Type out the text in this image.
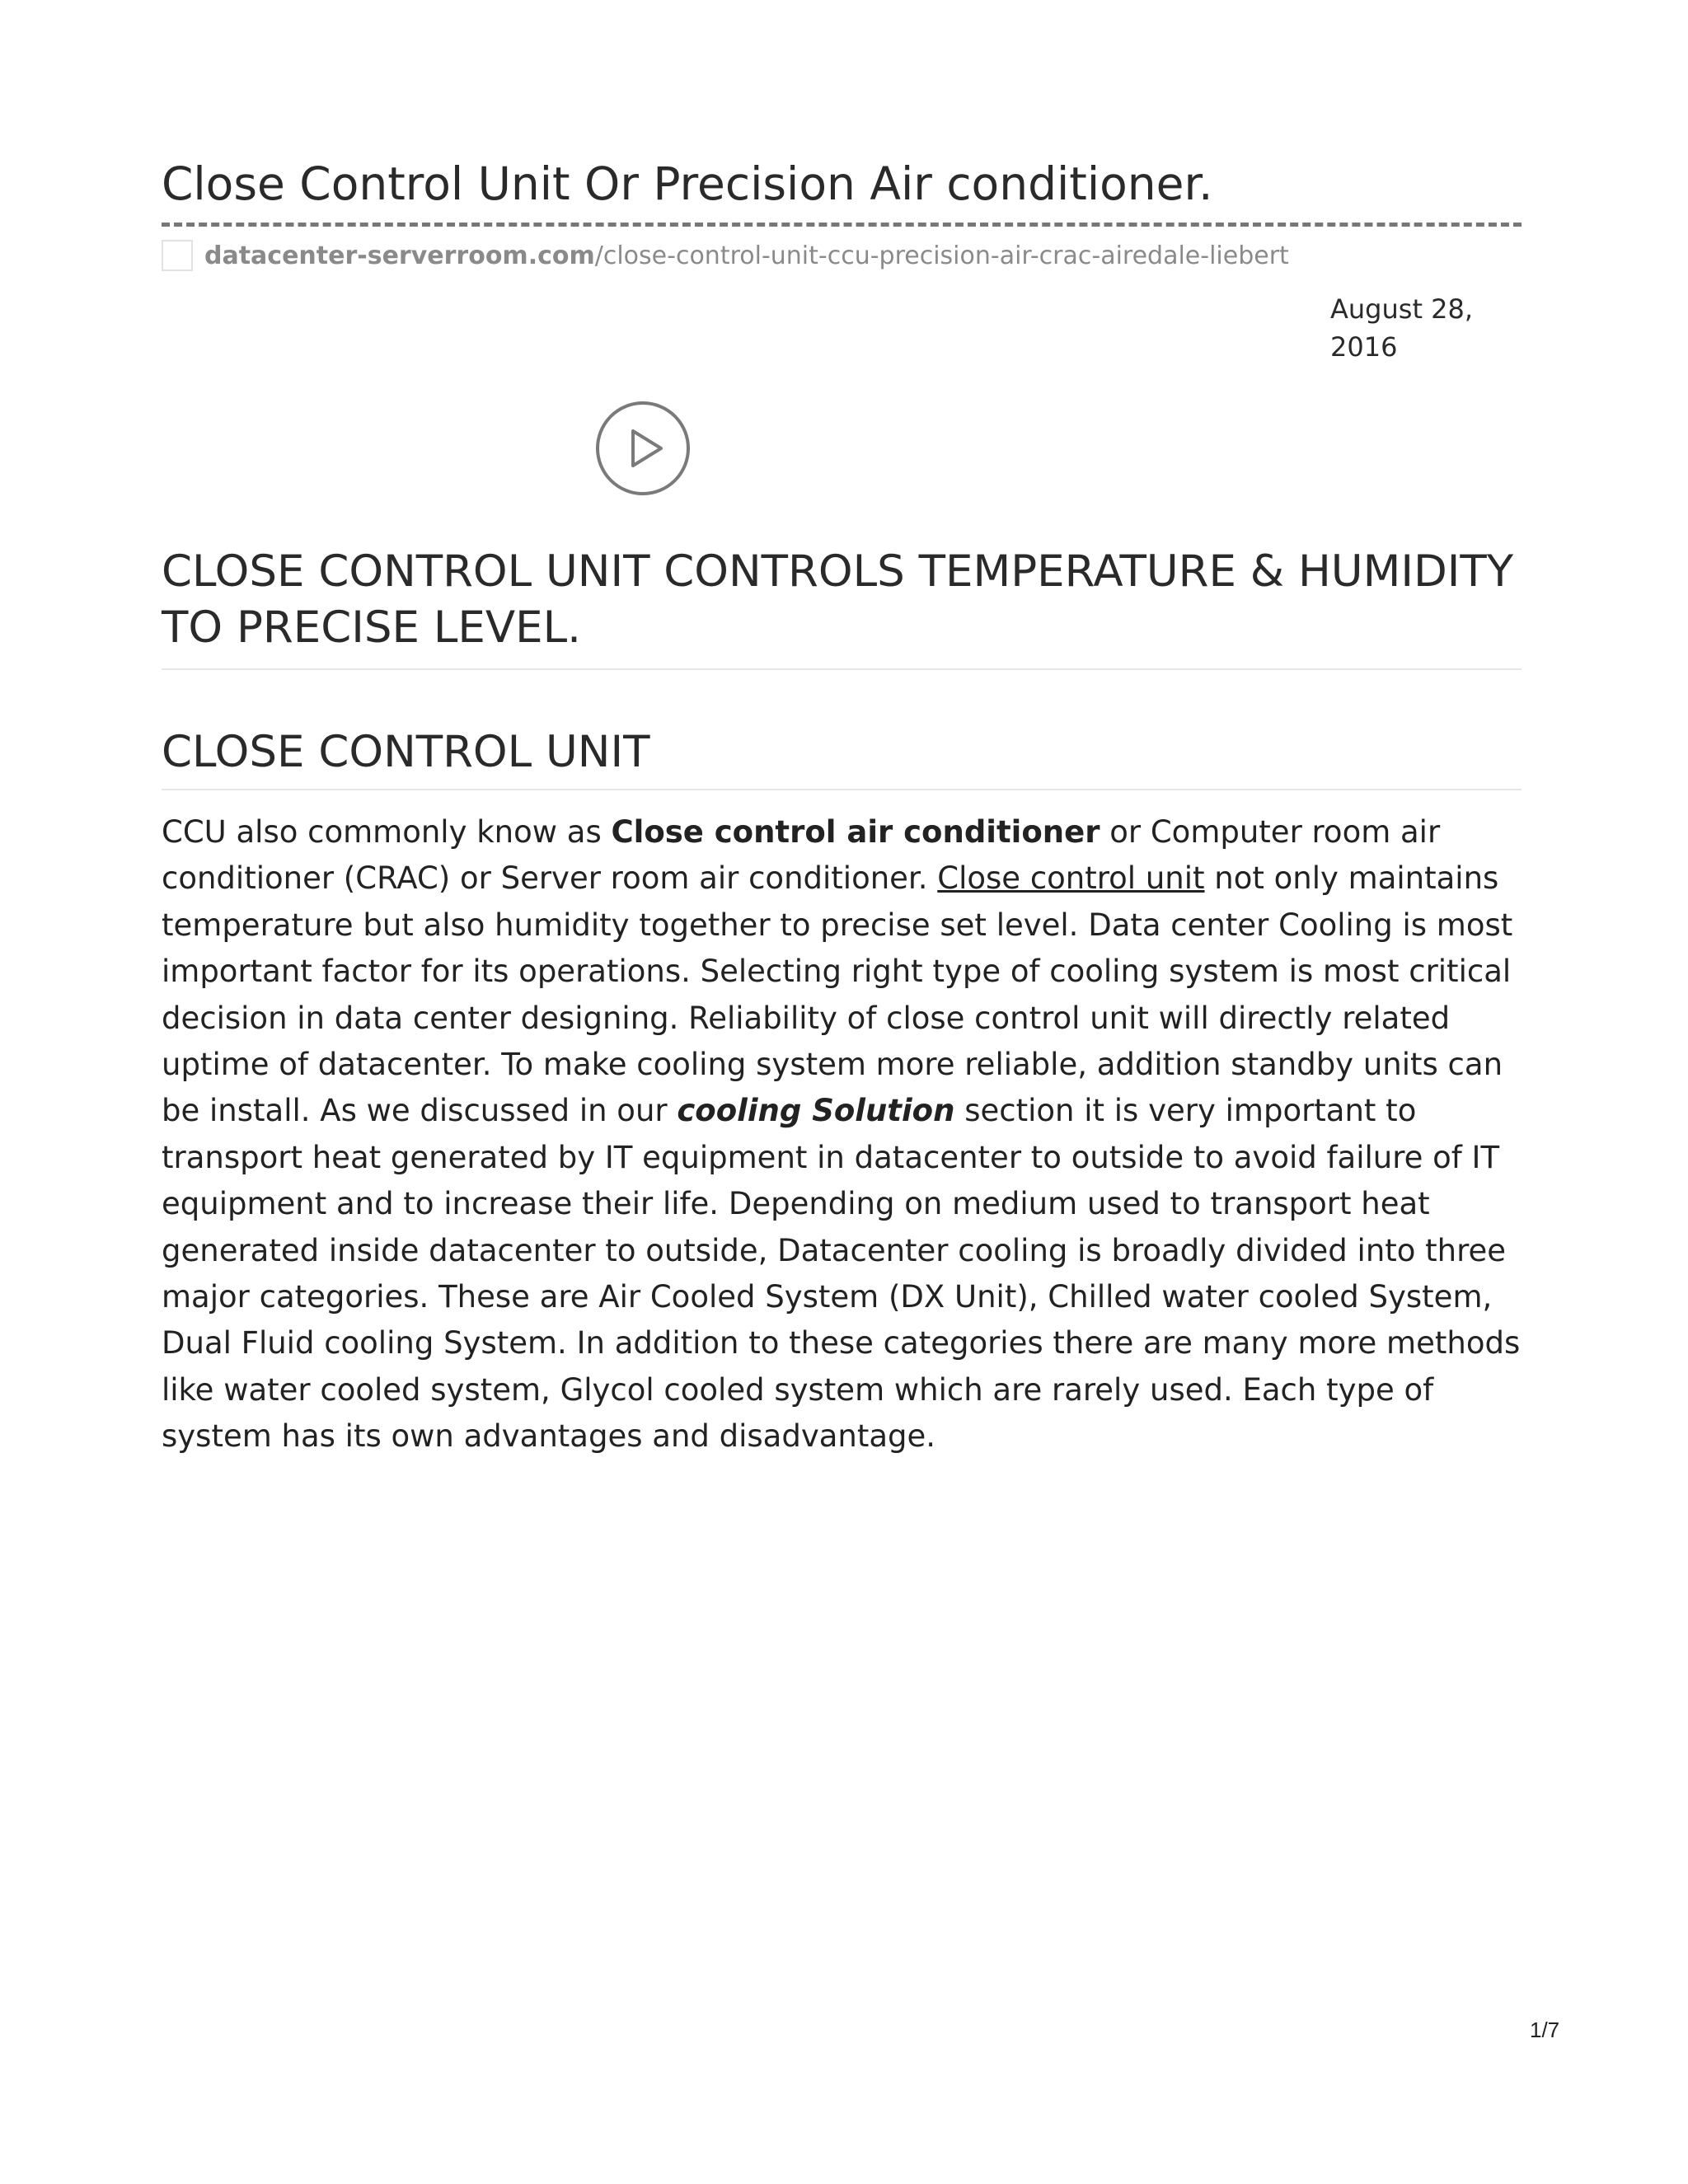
Close Control Unit Or Precision Air conditioner.
datacenter-serverroom.com /close-control-unit-ccu-precision-air-crac-airedale-liebert
August 28, 2016
CLOSE CONTROL UNIT CONTROLS TEMPERATURE & HUMIDITY TO PRECISE LEVEL.
CLOSE CONTROL UNIT

CCU also commonly know as Close control air conditioner or Computer room air conditioner (CRAC) or Server room air conditioner. Close control unit not only maintains temperature but also humidity together to precise set level. Data center Cooling is most important factor for its operations. Selecting right type of cooling system is most critical decision in data center designing. Reliability of close control unit will directly related uptime of datacenter. To make cooling system more reliable, addition standby units can be install. As we discussed in our cooling Solution section it is very important to transport heat generated by IT equipment in datacenter to outside to avoid failure of IT equipment and to increase their life. Depending on medium used to transport heat generated inside datacenter to outside, Datacenter cooling is broadly divided into three major categories. These are Air Cooled System (DX Unit), Chilled water cooled System, Dual Fluid cooling System. In addition to these categories there are many more methods like water cooled system, Glycol cooled system which are rarely used. Each type of system has its own advantages and disadvantage.

1/7
